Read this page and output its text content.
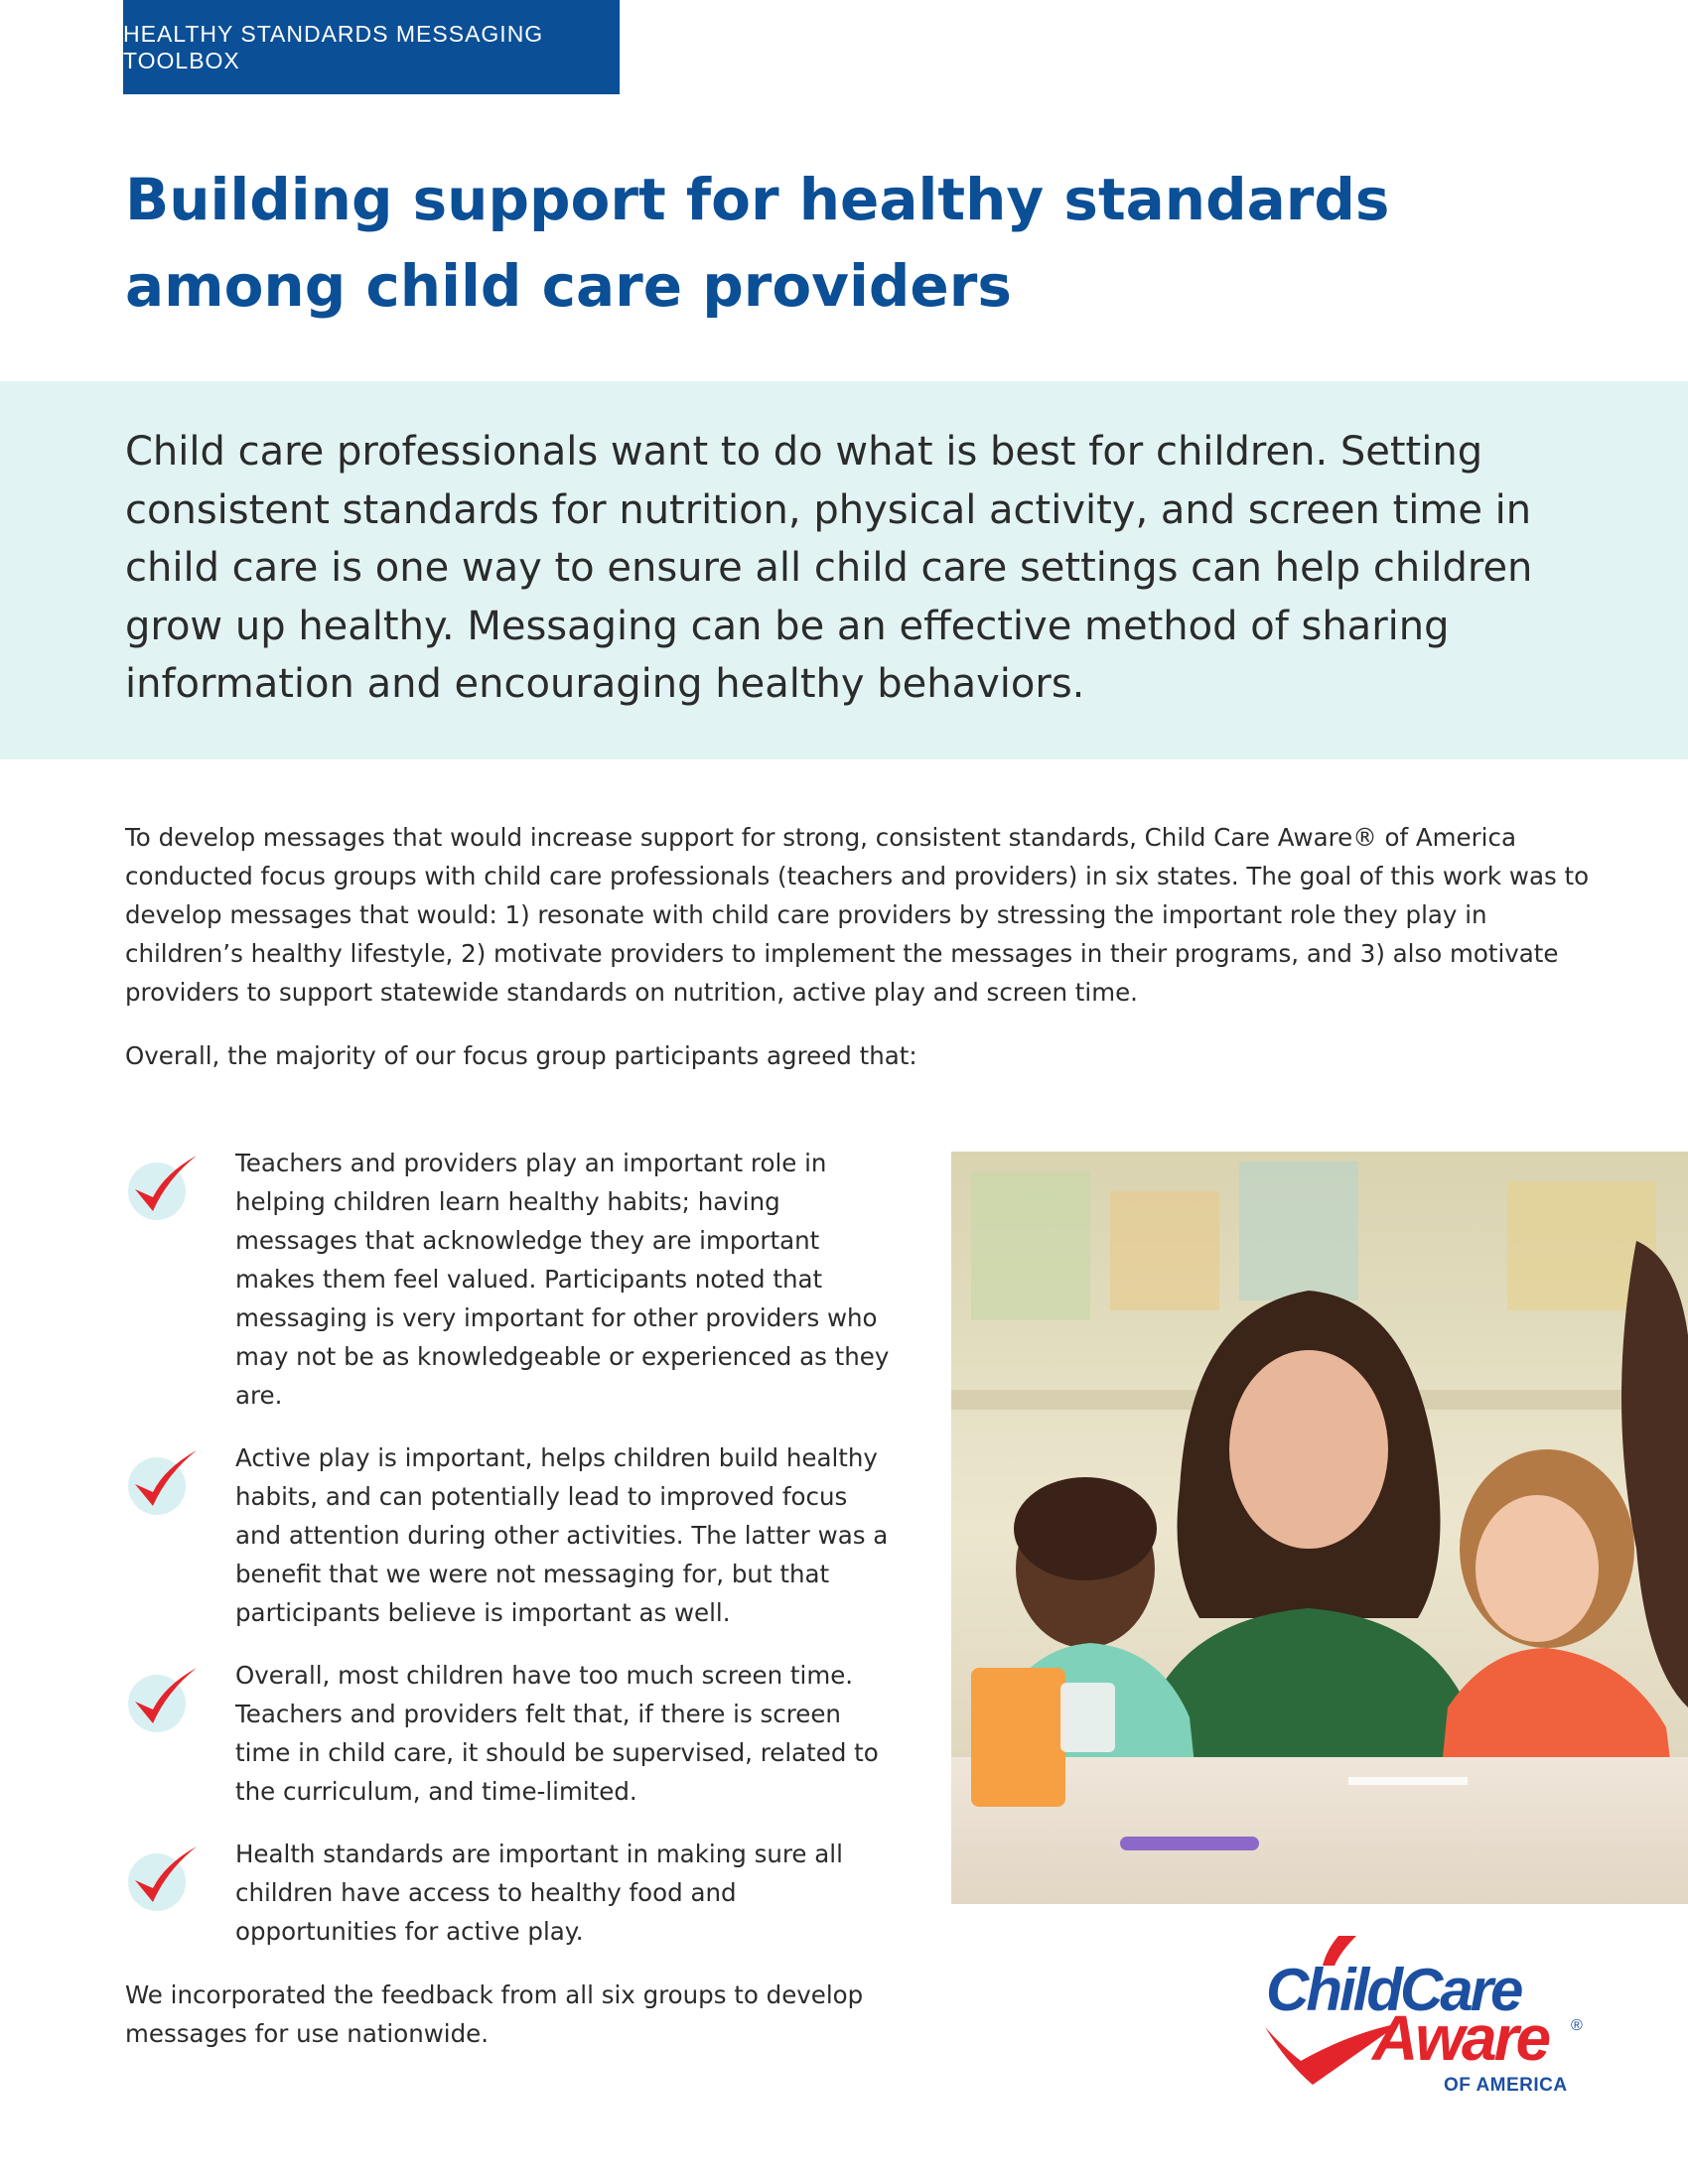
HEALTHY STANDARDS MESSAGING TOOLBOX
Building support for healthy standards among child care providers

Child care professionals want to do what is best for children. Setting consistent standards for nutrition, physical activity, and screen time in child care is one way to ensure all child care settings can help children grow up healthy. Messaging can be an effective method of sharing information and encouraging healthy behaviors.

To develop messages that would increase support for strong, consistent standards, Child Care Aware® of America conducted focus groups with child care professionals (teachers and providers) in six states. The goal of this work was to develop messages that would: 1) resonate with child care providers by stressing the important role they play in children’s healthy lifestyle, 2) motivate providers to implement the messages in their programs, and 3) also motivate providers to support statewide standards on nutrition, active play and screen time.

Overall, the majority of our focus group participants agreed that:

Teachers and providers play an important role in helping children learn healthy habits; having messages that acknowledge they are important makes them feel valued. Participants noted that messaging is very important for other providers who may not be as knowledgeable or experienced as they are.
Active play is important, helps children build healthy habits, and can potentially lead to improved focus and attention during other activities. The latter was a benefit that we were not messaging for, but that participants believe is important as well.
Overall, most children have too much screen time. Teachers and providers felt that, if there is screen time in child care, it should be supervised, related to the curriculum, and time-limited.
Health standards are important in making sure all children have access to healthy food and opportunities for active play.

We incorporated the feedback from all six groups to develop messages for use nationwide.

ChildCare
Aware ®
OF AMERICA
